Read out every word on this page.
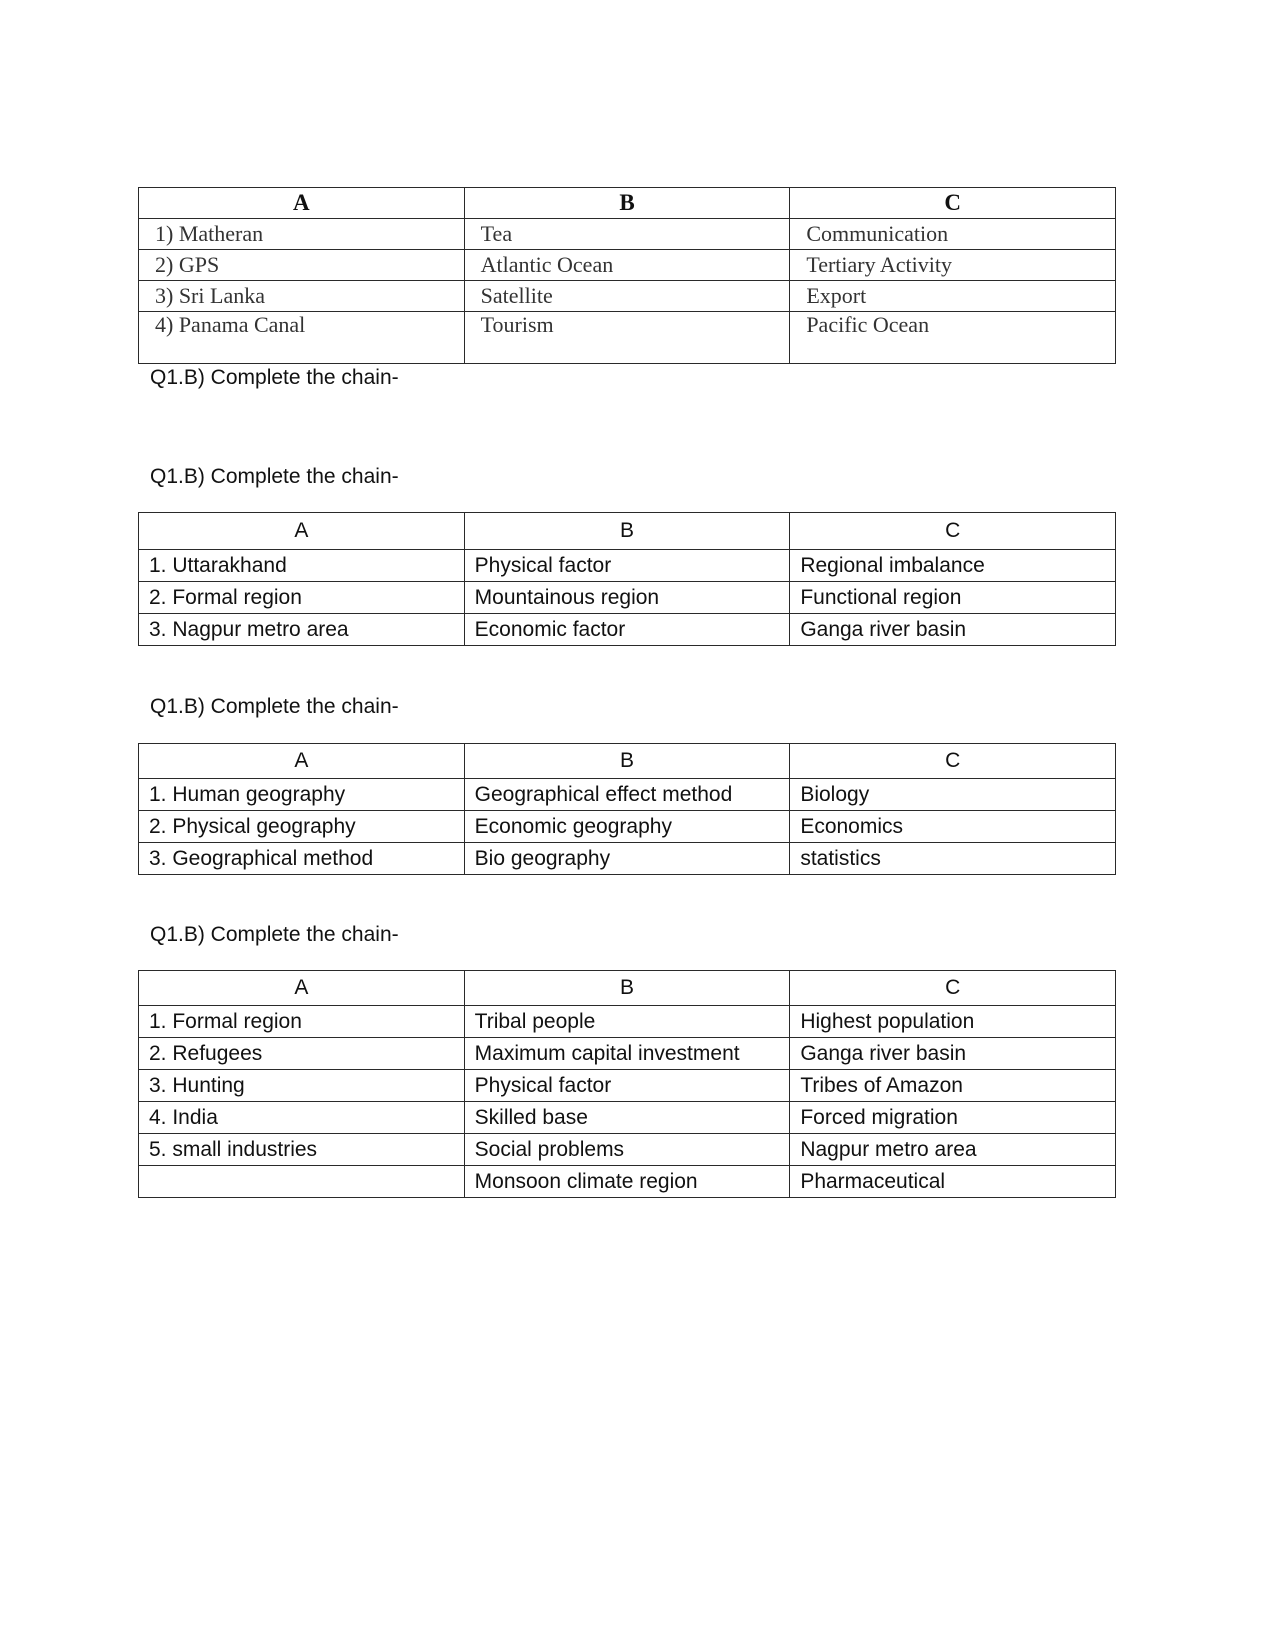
A	B	C
1) Matheran	Tea	Communication
2) GPS	Atlantic Ocean	Tertiary Activity
3) Sri Lanka	Satellite	Export
4) Panama Canal	Tourism	Pacific Ocean
Q1.B) Complete the chain-
Q1.B) Complete the chain-
A	B	C
1. Uttarakhand	Physical factor	Regional imbalance
2. Formal region	Mountainous region	Functional region
3. Nagpur metro area	Economic factor	Ganga river basin
Q1.B) Complete the chain-
A	B	C
1. Human geography	Geographical effect method	Biology
2. Physical geography	Economic geography	Economics
3. Geographical method	Bio geography	statistics
Q1.B) Complete the chain-
A	B	C
1. Formal region	Tribal people	Highest population
2. Refugees	Maximum capital investment	Ganga river basin
3. Hunting	Physical factor	Tribes of Amazon
4. India	Skilled base	Forced migration
5. small industries	Social problems	Nagpur metro area
	Monsoon climate region	Pharmaceutical
